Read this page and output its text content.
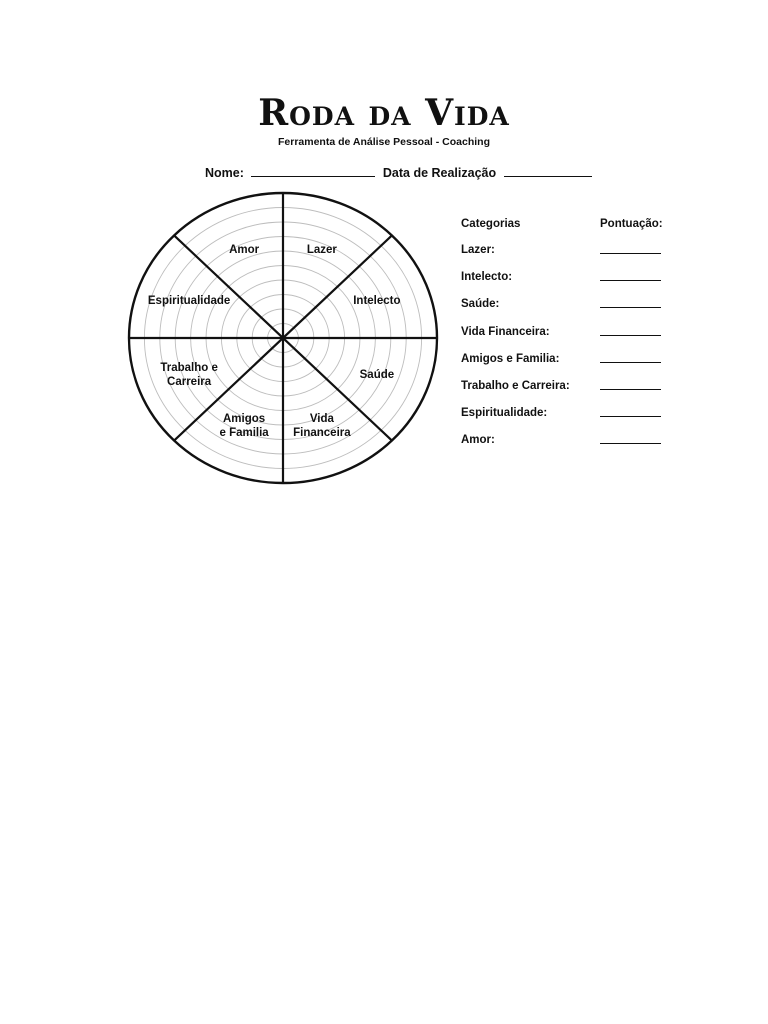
Roda da Vida
Ferramenta de Análise Pessoal - Coaching
Nome:	Data de Realização
Lazer
Intelecto
Saúde
Vida
Financeira
Amigos
e Familia
Trabalho e
Carreira
Espiritualidade
Amor
Categorias	Pontuação:
Lazer:
Intelecto:
Saúde:
Vida Financeira:
Amigos e Familia:
Trabalho e Carreira:
Espiritualidade:
Amor:
